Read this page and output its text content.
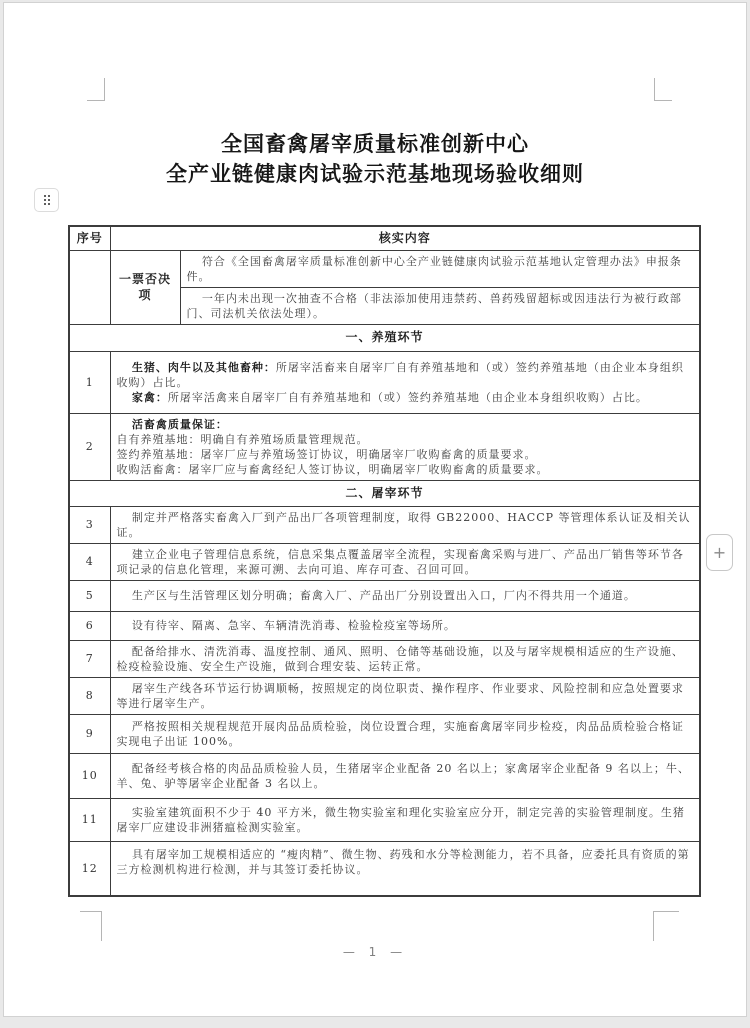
全国畜禽屠宰质量标准创新中心
全产业链健康肉试验示范基地现场验收细则
序号	核实内容	
	一票否决项	符合《全国畜禽屠宰质量标准创新中心全产业链健康肉试验示范基地认定管理办法》申报条件。

		一年内未出现一次抽查不合格（非法添加使用违禁药、兽药残留超标或因违法行为被行政部门、司法机关依法处理）。

一、养殖环节		
1	生猪、肉牛以及其他畜种：所屠宰活畜来自屠宰厂自有养殖基地和（或）签约养殖基地（由企业本身组织收购）占比。

家禽：所屠宰活禽来自屠宰厂自有养殖基地和（或）签约养殖基地（由企业本身组织收购）占比。	

2	活畜禽质量保证：

自有养殖基地：明确自有养殖场质量管理规范。

签约养殖基地：屠宰厂应与养殖场签订协议，明确屠宰厂收购畜禽的质量要求。

收购活畜禽：屠宰厂应与畜禽经纪人签订协议，明确屠宰厂收购畜禽的质量要求。	

二、屠宰环节		
3	制定并严格落实畜禽入厂到产品出厂各项管理制度，取得 GB22000、HACCP 等管理体系认证及相关认证。	

4	建立企业电子管理信息系统，信息采集点覆盖屠宰全流程，实现畜禽采购与进厂、产品出厂销售等环节各项记录的信息化管理，来源可溯、去向可追、库存可查、召回可回。	

5	生产区与生活管理区划分明确；畜禽入厂、产品出厂分别设置出入口，厂内不得共用一个通道。	

6	设有待宰、隔离、急宰、车辆清洗消毒、检验检疫室等场所。	

7	配备给排水、清洗消毒、温度控制、通风、照明、仓储等基础设施，以及与屠宰规模相适应的生产设施、检疫检验设施、安全生产设施，做到合理安装、运转正常。	

8	屠宰生产线各环节运行协调顺畅，按照规定的岗位职责、操作程序、作业要求、风险控制和应急处置要求等进行屠宰生产。	

9	严格按照相关规程规范开展肉品品质检验，岗位设置合理，实施畜禽屠宰同步检疫，肉品品质检验合格证实现电子出证 100%。	

10	配备经考核合格的肉品品质检验人员，生猪屠宰企业配备 20 名以上；家禽屠宰企业配备 9 名以上；牛、羊、兔、驴等屠宰企业配备 3 名以上。	

11	实验室建筑面积不少于 40 平方米，微生物实验室和理化实验室应分开，制定完善的实验管理制度。生猪屠宰厂应建设非洲猪瘟检测实验室。	

12	具有屠宰加工规模相适应的 “瘦肉精”、微生物、药残和水分等检测能力，若不具备，应委托具有资质的第三方检测机构进行检测，并与其签订委托协议。	

— 1 —
+
